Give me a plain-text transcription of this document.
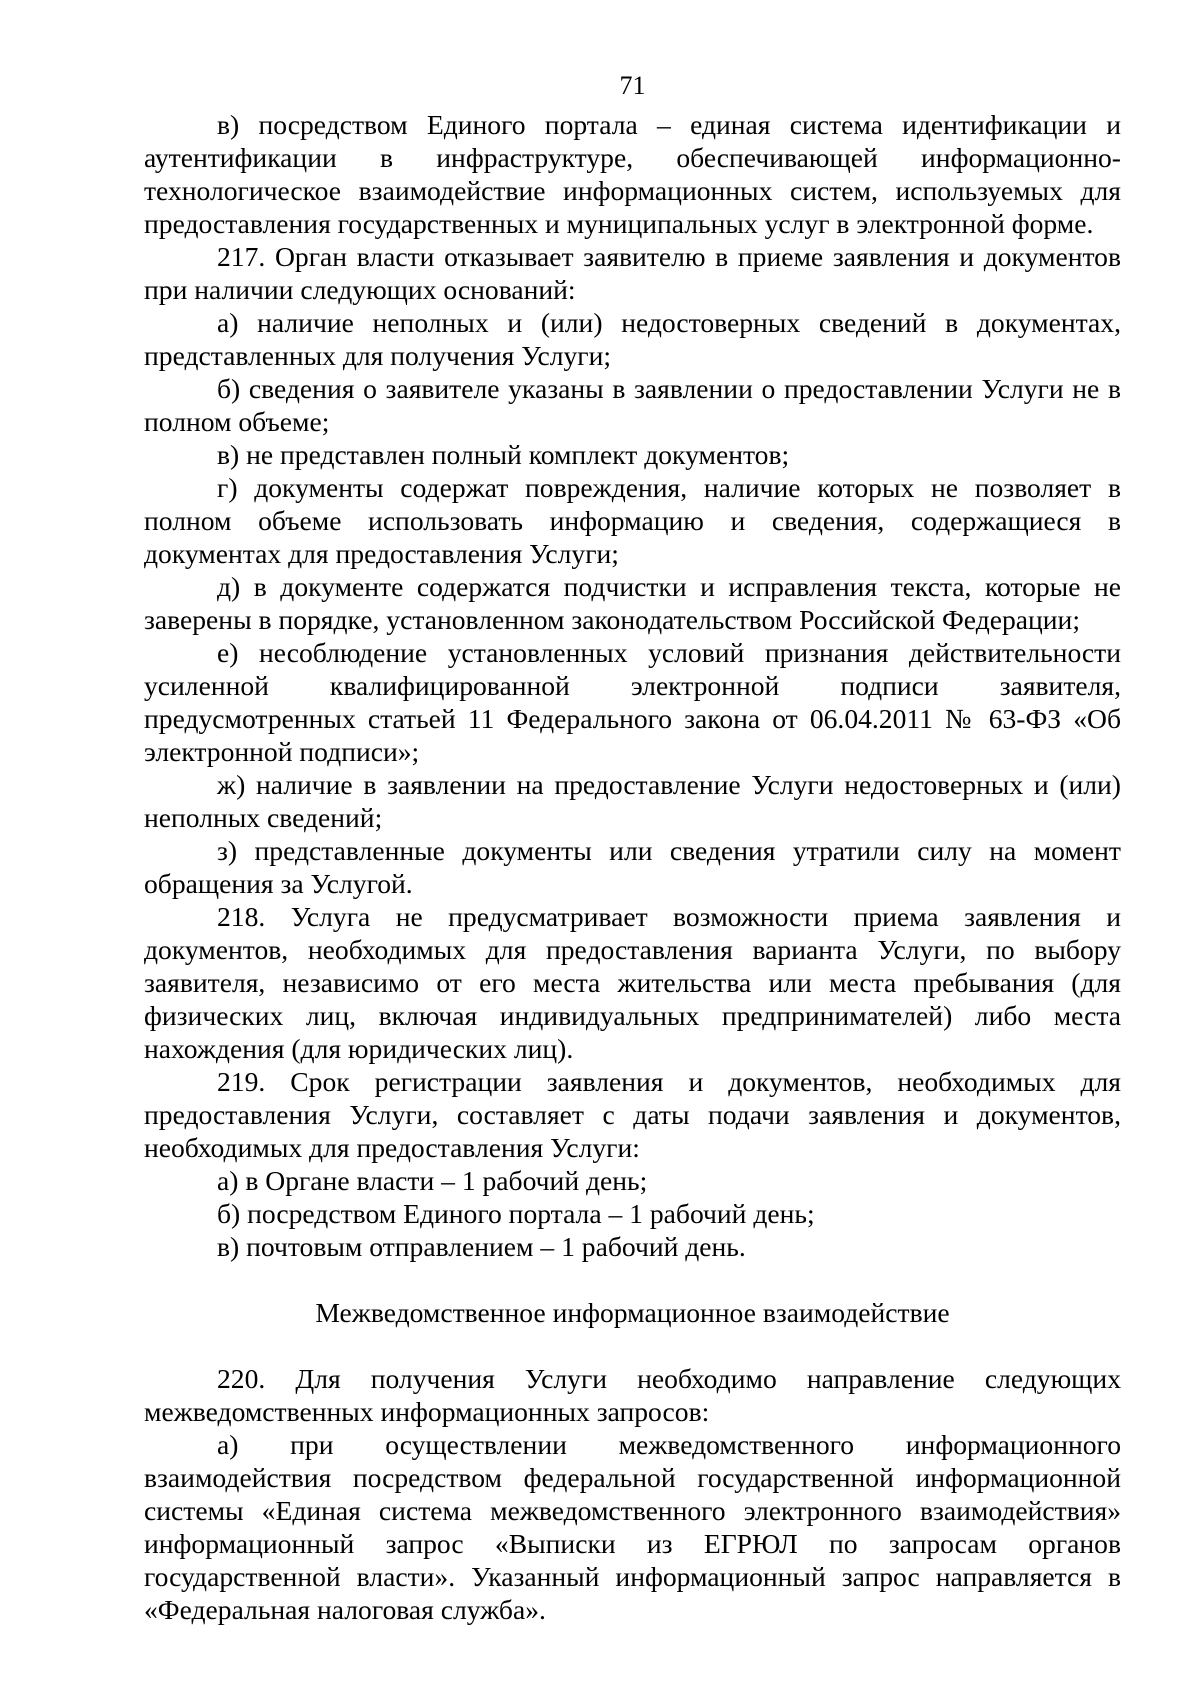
71

в) посредством Единого портала – единая система идентификации и аутентификации в инфраструктуре, обеспечивающей информационно-технологическое взаимодействие информационных систем, используемых для предоставления государственных и муниципальных услуг в электронной форме.

217. Орган власти отказывает заявителю в приеме заявления и документов при наличии следующих оснований:

а) наличие неполных и (или) недостоверных сведений в документах, представленных для получения Услуги;

б) сведения о заявителе указаны в заявлении о предоставлении Услуги не в полном объеме;

в) не представлен полный комплект документов;

г) документы содержат повреждения, наличие которых не позволяет в полном объеме использовать информацию и сведения, содержащиеся в документах для предоставления Услуги;

д) в документе содержатся подчистки и исправления текста, которые не заверены в порядке, установленном законодательством Российской Федерации;

е) несоблюдение установленных условий признания действительности усиленной квалифицированной электронной подписи заявителя, предусмотренных статьей 11 Федерального закона от 06.04.2011 № 63-ФЗ «Об электронной подписи»;

ж) наличие в заявлении на предоставление Услуги недостоверных и (или) неполных сведений;

з) представленные документы или сведения утратили силу на момент обращения за Услугой.

218. Услуга не предусматривает возможности приема заявления и документов, необходимых для предоставления варианта Услуги, по выбору заявителя, независимо от его места жительства или места пребывания (для физических лиц, включая индивидуальных предпринимателей) либо места нахождения (для юридических лиц).

219. Срок регистрации заявления и документов, необходимых для предоставления Услуги, составляет с даты подачи заявления и документов, необходимых для предоставления Услуги:

а) в Органе власти – 1 рабочий день;

б) посредством Единого портала – 1 рабочий день;

в) почтовым отправлением – 1 рабочий день.

Межведомственное информационное взаимодействие

220. Для получения Услуги необходимо направление следующих межведомственных информационных запросов:

а) при осуществлении межведомственного информационного взаимодействия посредством федеральной государственной информационной системы «Единая система межведомственного электронного взаимодействия» информационный запрос «Выписки из ЕГРЮЛ по запросам органов государственной власти». Указанный информационный запрос направляется в «Федеральная налоговая служба».
